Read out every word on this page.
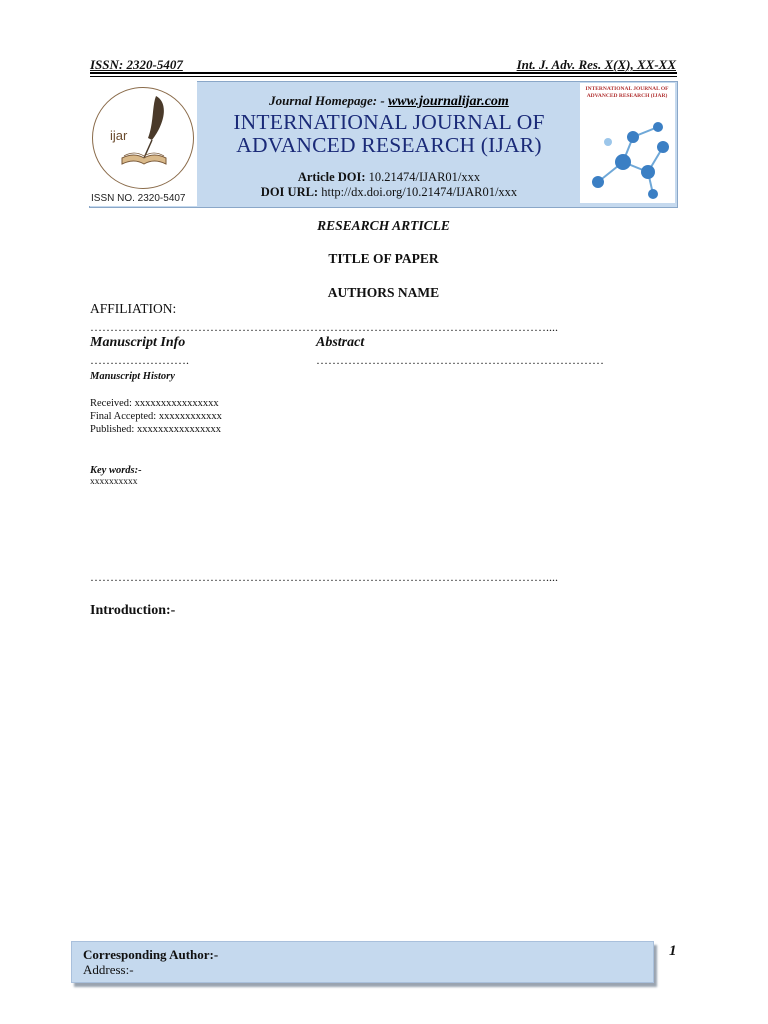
ISSN: 2320-5407	Int. J. Adv. Res. X(X), XX-XX
ijar
ISSN NO. 2320-5407
Journal Homepage: - www.journalijar.com
INTERNATIONAL JOURNAL OF
ADVANCED RESEARCH (IJAR)
Article DOI: 10.21474/IJAR01/xxx
DOI URL: http://dx.doi.org/10.21474/IJAR01/xxx
INTERNATIONAL JOURNAL OF ADVANCED RESEARCH (IJAR)
RESEARCH ARTICLE
TITLE OF PAPER
AUTHORS NAME
AFFILIATION:
……………………………………………………………………………………………………....
Manuscript Info	Abstract
…………………….	………………………………………………………………
Manuscript History
Received: xxxxxxxxxxxxxxxx
Final Accepted: xxxxxxxxxxxx
Published: xxxxxxxxxxxxxxxx
Key words:-
xxxxxxxxxx
……………………………………………………………………………………………………....
Introduction:-
Corresponding Author:-
Address:-
1
